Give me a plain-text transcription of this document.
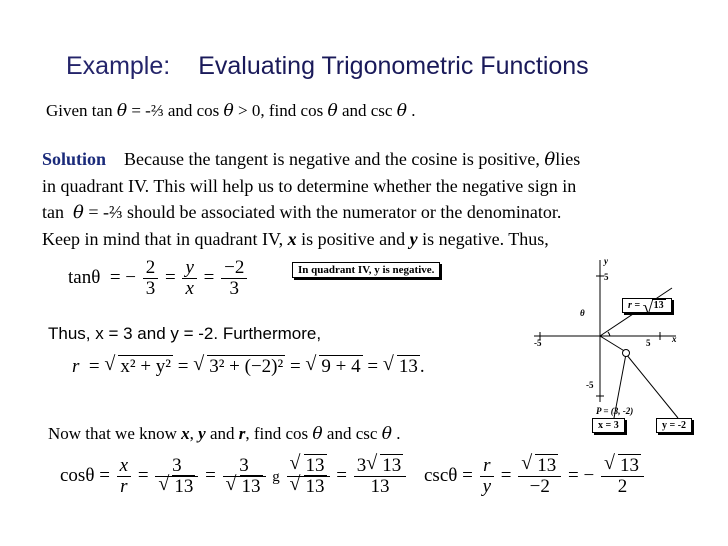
Example: Evaluating Trigonometric Functions
Given tan θ = -⅔ and cos θ > 0, find cos θ and csc θ .
Solution Because the tangent is negative and the cosine is positive, θlies
in quadrant IV. This will help us to determine whether the negative sign in
tan θ = -⅔ should be associated with the numerator or the denominator.
Keep in mind that in quadrant IV, x is positive and y is negative. Thus,
tanθ = − $\frac{2}{3} = \frac{y}{x} = \frac{-2}{3}$	In quadrant IV, y is negative.
Thus, x = 3 and y = -2. Furthermore,
r = √ x² + y² = √ 3² + (−2)² = √ 9 + 4 = √ 13 .
Now that we know x, y and r, find cos θ and csc θ .
$\cos\theta = \frac{x}{r} = 3$
√ 13 = 3
√ 13 g √ 13
√ $13 = \frac{3 √ 13}{13}$ $\csc\theta = \frac{r}{y}$ = √ $\frac{13}{-2}$ = − √ $\frac{13}{2}$
y
x
5
-5
5
-5
θ
P = (3, -2)
r = √ 13
x = 3	y = -2
